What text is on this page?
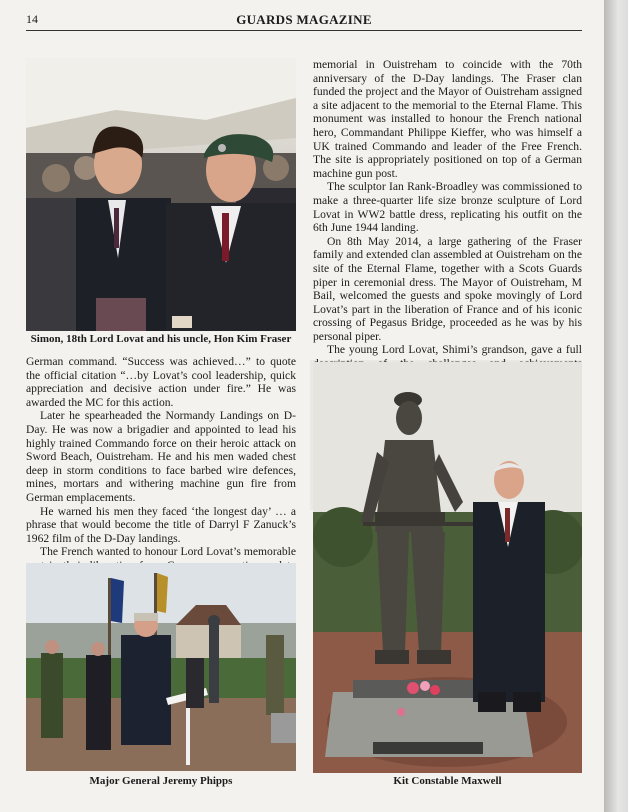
14	GUARDS MAGAZINE
Simon, 18th Lord Lovat and his uncle, Hon Kim Fraser

German command. “Success was achieved…” to quote the official citation “…by Lovat’s cool leadership, quick appreciation and decisive action under fire.” He was awarded the MC for this action.

Later he spearheaded the Normandy Landings on D-Day. He was now a brigadier and appointed to lead his highly trained Commando force on their heroic attack on Sword Beach, Ouistreham. He and his men waded chest deep in storm conditions to face barbed wire defences, mines, mortars and withering machine gun fire from German emplacements.

He warned his men they faced ‘the longest day’ … a phrase that would become the title of Darryl F Zanuck’s 1962 film of the D-Day landings.

The French wanted to honour Lord Lovat’s memorable

Major General Jeremy Phipps

memorial in Ouistreham to coincide with the 70th anniversary of the D-Day landings. The Fraser clan funded the project and the Mayor of Ouistreham assigned a site adjacent to the memorial to the Eternal Flame. This monument was installed to honour the French national hero, Commandant Philippe Kieffer, who was himself a UK trained Commando and leader of the Free French. The site is appropriately positioned on top of a German machine gun post.

The sculptor Ian Rank-Broadley was commissioned to make a three-quarter life size bronze sculpture of Lord Lovat in WW2 battle dress, replicating his outfit on the 6th June 1944 landing.

On 8th May 2014, a large gathering of the Fraser family and extended clan assembled at Ouistreham on the site of the Eternal Flame, together with a Scots Guards piper in ceremonial dress. The Mayor of Ouistreham, M Bail, welcomed the guests and spoke movingly of Lord Lovat’s part in the liberation of France and of his iconic crossing of Pegasus Bridge, proceeded as he was by his personal piper.

The young Lord Lovat, Shimi’s grandson, gave a full

Kit Constable Maxwell
